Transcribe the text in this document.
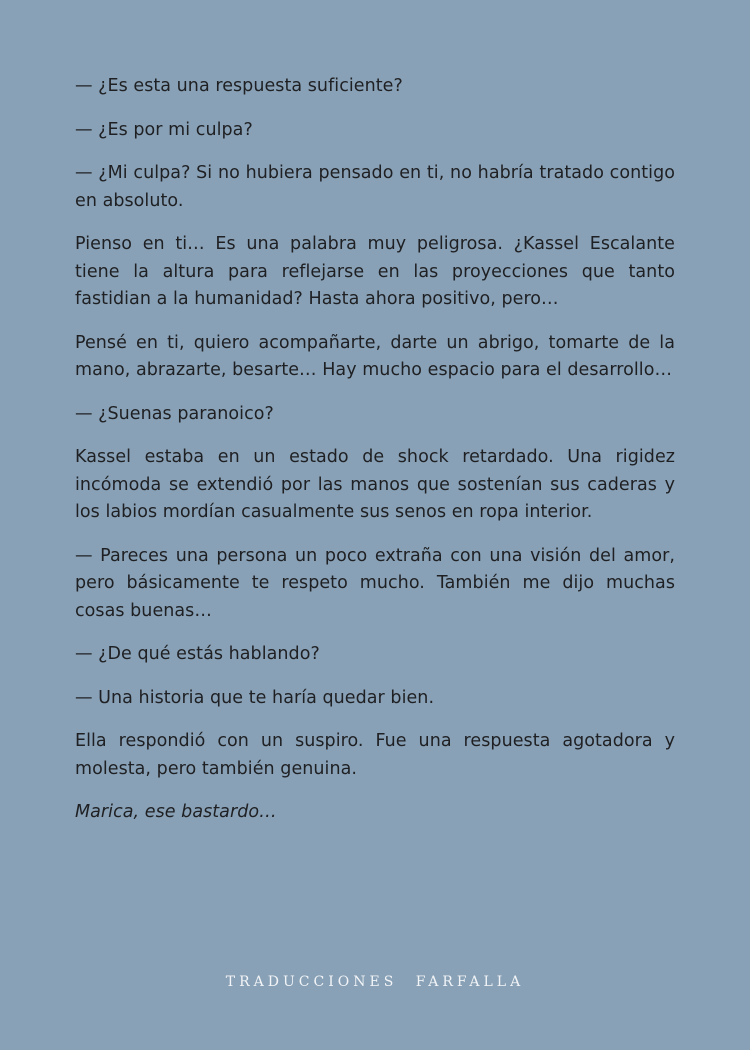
— ¿Es esta una respuesta suficiente?

— ¿Es por mi culpa?

— ¿Mi culpa? Si no hubiera pensado en ti, no habría tratado contigo en absoluto.

Pienso en ti… Es una palabra muy peligrosa. ¿Kassel Escalante tiene la altura para reflejarse en las proyecciones que tanto fastidian a la humanidad? Hasta ahora positivo, pero…

Pensé en ti, quiero acompañarte, darte un abrigo, tomarte de la mano, abrazarte, besarte… Hay mucho espacio para el desarrollo…

— ¿Suenas paranoico?

Kassel estaba en un estado de shock retardado. Una rigidez incómoda se extendió por las manos que sostenían sus caderas y los labios mordían casualmente sus senos en ropa interior.

— Pareces una persona un poco extraña con una visión del amor, pero básicamente te respeto mucho. También me dijo muchas cosas buenas…

— ¿De qué estás hablando?

— Una historia que te haría quedar bien.

Ella respondió con un suspiro. Fue una respuesta agotadora y molesta, pero también genuina.

Marica, ese bastardo…

TRADUCCIONES FARFALLA
